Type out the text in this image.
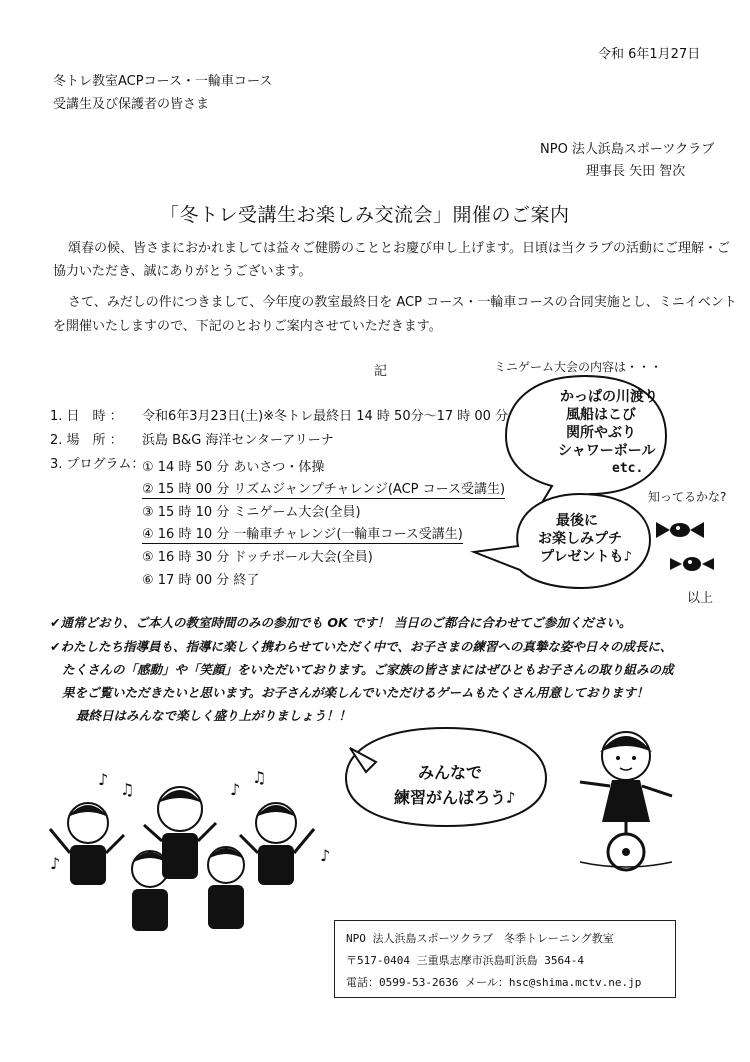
令和 6年1月27日
冬トレ教室ACPコース・一輪車コース
受講生及び保護者の皆さま
NPO 法人浜島スポーツクラブ
理事長 矢田 智次
「冬トレ受講生お楽しみ交流会」開催のご案内
頌春の候、皆さまにおかれましては益々ご健勝のこととお慶び申し上げます。日頃は当クラブの活動にご理解・ご
協力いただき、誠にありがとうございます。
さて、みだしの件につきまして、今年度の教室最終日を ACP コース・一輪車コースの合同実施とし、ミニイベント
を開催いたしますので、下記のとおりご案内させていただきます。
記
1. 日　時 ： 令和6年3月23日(土)※冬トレ最終日 14 時 50分～17 時 00 分
2. 場　所 ： 浜島 B&G 海洋センターアリーナ
3. プログラム：
① 14 時 50 分 あいさつ・体操
② 15 時 00 分 リズムジャンプチャレンジ(ACP コース受講生)
③ 15 時 10 分 ミニゲーム大会(全員)
④ 16 時 10 分 一輪車チャレンジ(一輪車コース受講生)
⑤ 16 時 30 分 ドッチボール大会(全員)
⑥ 17 時 00 分 終了
ミニゲーム大会の内容は・・・
かっぱの川渡り
風船はこび
関所やぶり
シャワーボール
etc.
知ってるかな?
最後に
お楽しみプチ
プレゼントも♪
以上
✔通常どおり、ご本人の教室時間のみの参加でも OK です！ 当日のご都合に合わせてご参加ください。
✔わたしたち指導員も、指導に楽しく携わらせていただく中で、お子さまの練習への真摯な姿や日々の成長に、
たくさんの「感動」や「笑顔」をいただいております。ご家族の皆さまにはぜひともお子さんの取り組みの成
果をご覧いただきたいと思います。お子さんが楽しんでいただけるゲームもたくさん用意しております！
最終日はみんなで楽しく盛り上がりましょう！！
みんなで
練習がんばろう♪
♪
♫	♪
♫
♪	♪
NPO 法人浜島スポーツクラブ　冬季トレーニング教室
〒517-0404 三重県志摩市浜島町浜島 3564-4
電話：0599-53-2636 メール：hsc@shima.mctv.ne.jp
